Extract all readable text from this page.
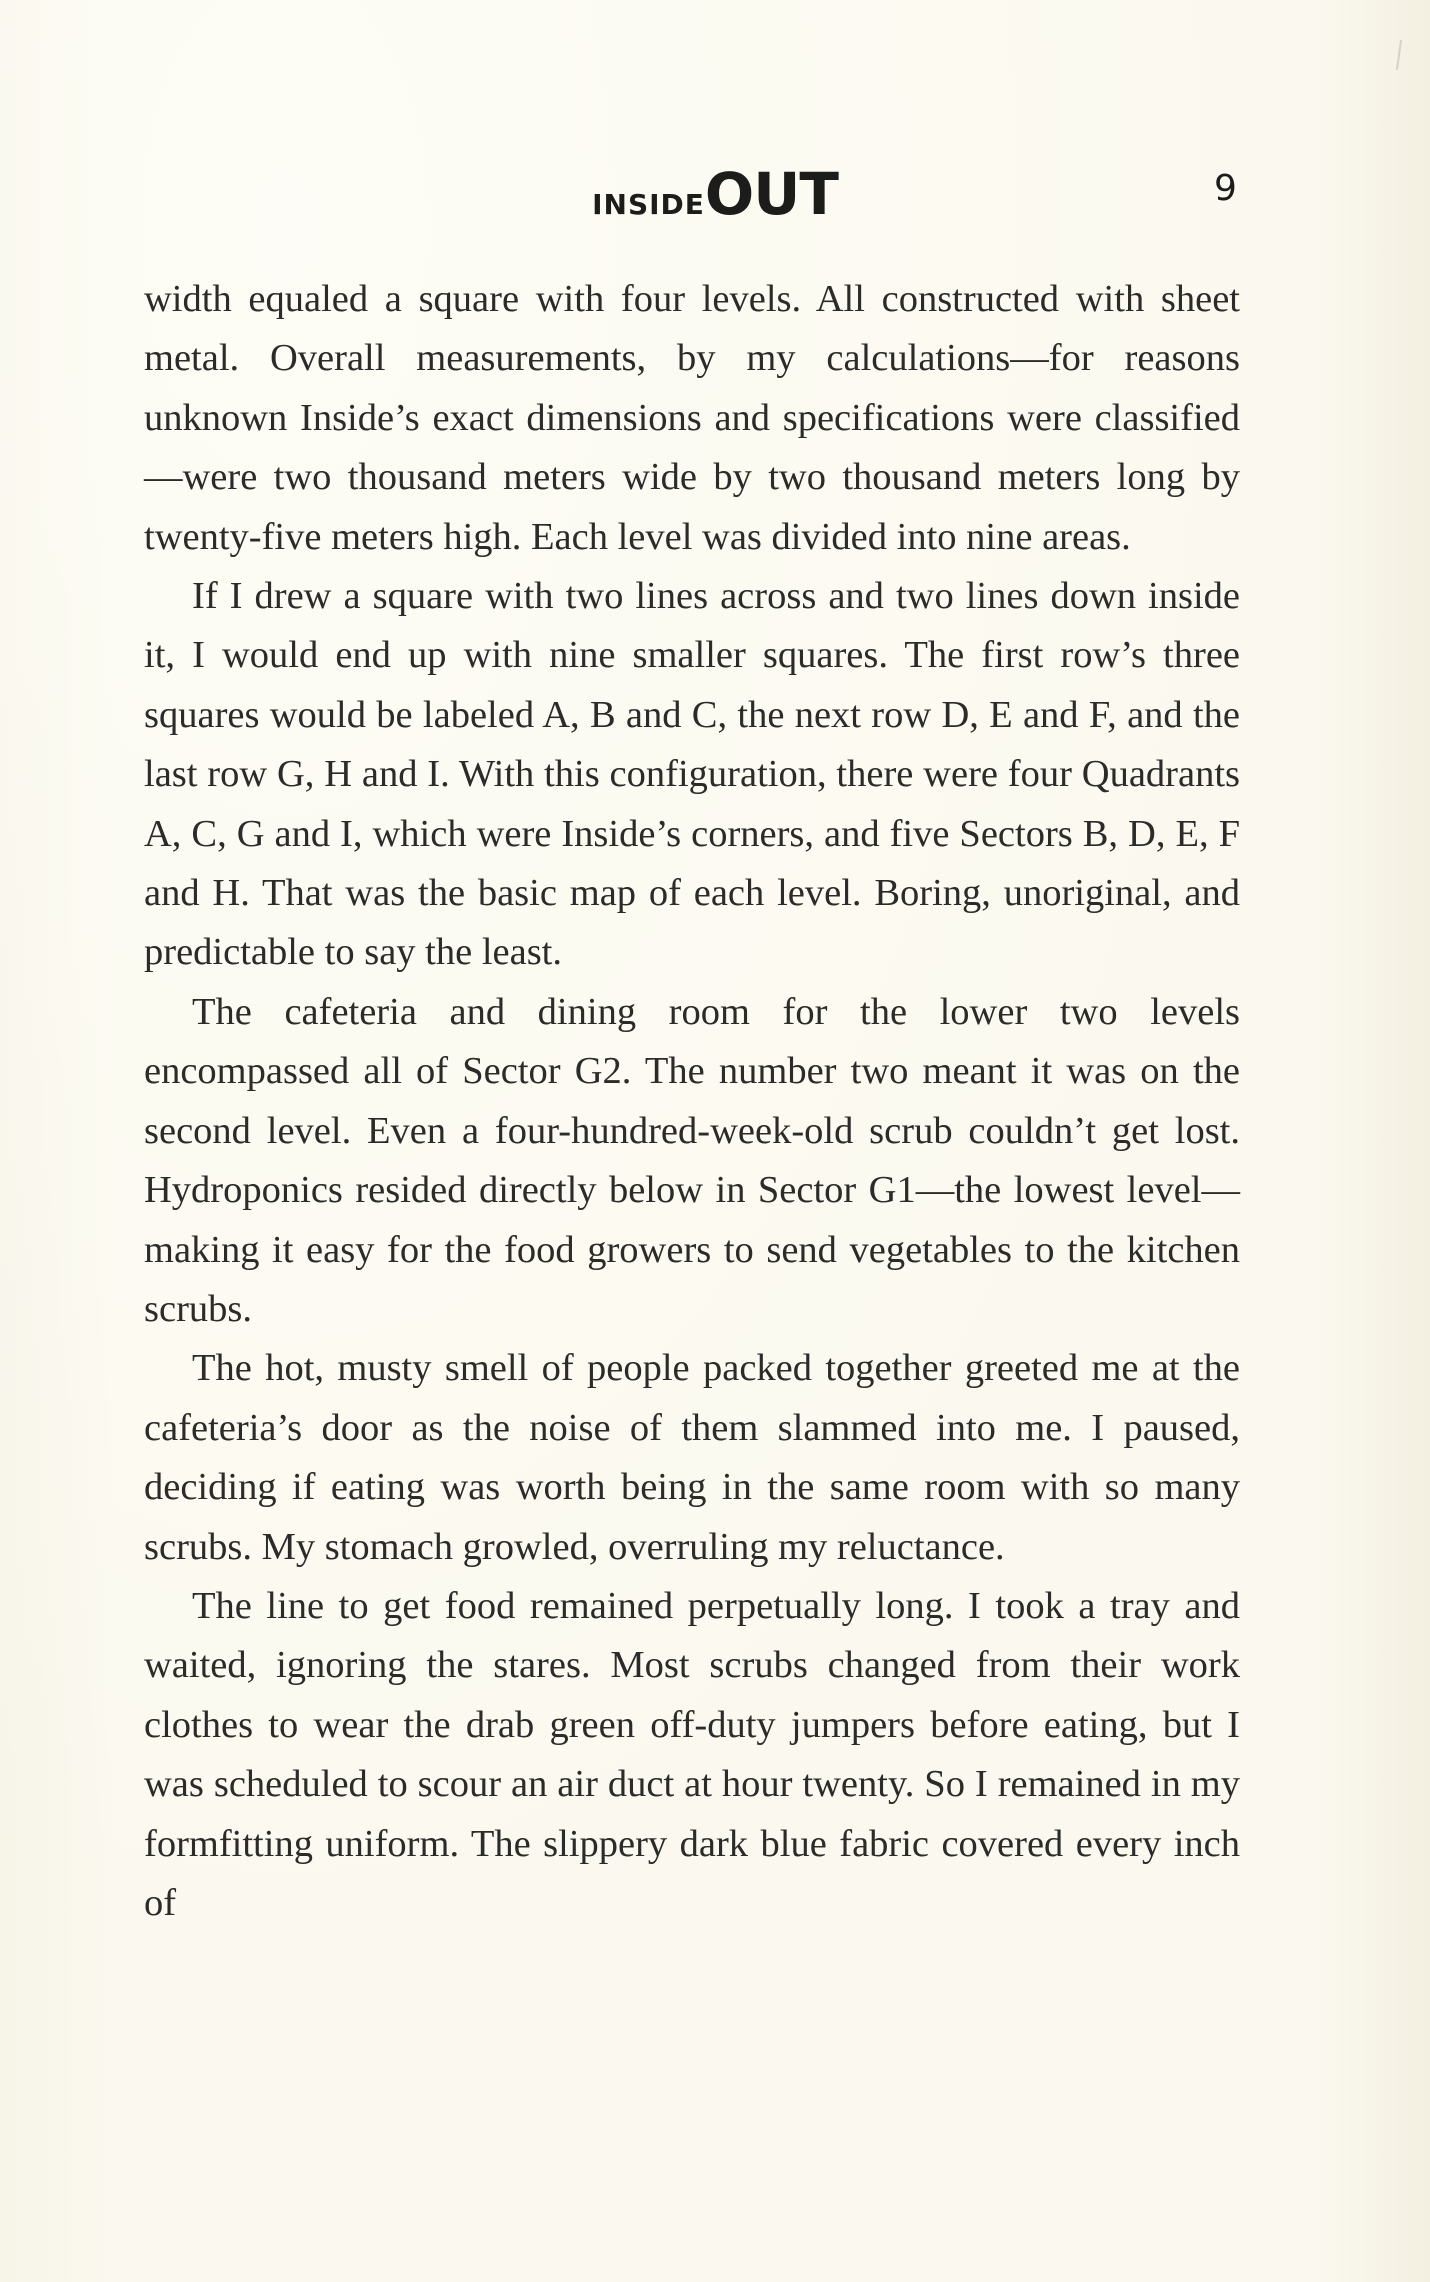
INSIDEOUT	9

width equaled a square with four levels. All constructed with sheet metal. Overall measurements, by my calculations—for reasons unknown Inside’s exact dimensions and specifications were classified—were two thousand meters wide by two thousand meters long by twenty-five meters high. Each level was divided into nine areas.

If I drew a square with two lines across and two lines down inside it, I would end up with nine smaller squares. The first row’s three squares would be labeled A, B and C, the next row D, E and F, and the last row G, H and I. With this configuration, there were four Quadrants A, C, G and I, which were Inside’s corners, and five Sectors B, D, E, F and H. That was the basic map of each level. Boring, unoriginal, and predictable to say the least.

The cafeteria and dining room for the lower two levels encompassed all of Sector G2. The number two meant it was on the second level. Even a four-hundred-week-old scrub couldn’t get lost. Hydroponics resided directly below in Sector G1—the lowest level—making it easy for the food growers to send vegetables to the kitchen scrubs.

The hot, musty smell of people packed together greeted me at the cafeteria’s door as the noise of them slammed into me. I paused, deciding if eating was worth being in the same room with so many scrubs. My stomach growled, overruling my reluctance.

The line to get food remained perpetually long. I took a tray and waited, ignoring the stares. Most scrubs changed from their work clothes to wear the drab green off-duty jumpers before eating, but I was scheduled to scour an air duct at hour twenty. So I remained in my formfitting uniform. The slippery dark blue fabric covered every inch of
